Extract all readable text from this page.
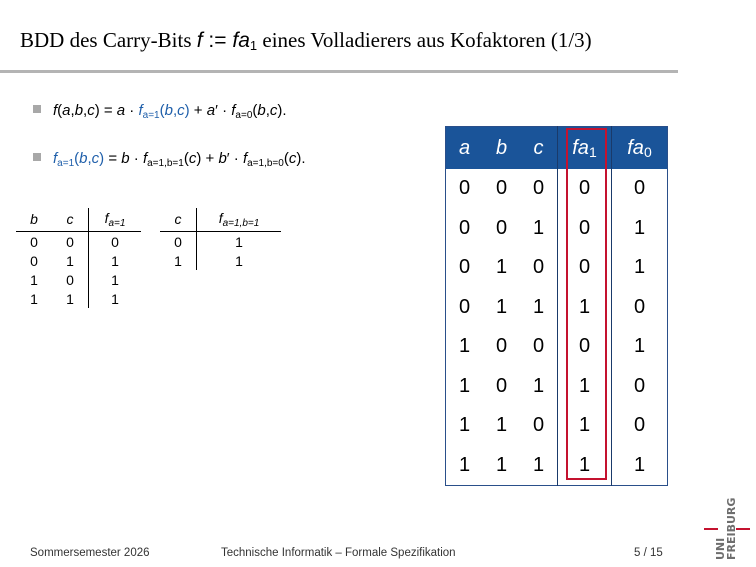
BDD des Carry-Bits f := $fa_1$ eines Volladierers aus Kofaktoren (1/3)
$f(a,b,c) = a \cdot f_{a=1}(b,c) + a' \cdot f_{a=0}(b,c)$.
$f_{a=1}(b,c) = b \cdot f_{a=1,b=1}(c) + b' \cdot f_{a=1,b=0}(c)$.
b	c	$f_{a=1}$
0	0	0
0	1	1
1	0	1
1	1	1
c	$f_{a=1,b=1}$
0	1
1	1
a	b	c	$fa_1$	$fa_0$
0	0	0	0	0
0	0	1	0	1
0	1	0	0	1
0	1	1	1	0
1	0	0	0	1
1	0	1	1	0
1	1	0	1	0
1	1	1	1	1
Sommersemester 2026	Technische Informatik – Formale Spezifikation	5 / 15	UNI
FREIBURG
